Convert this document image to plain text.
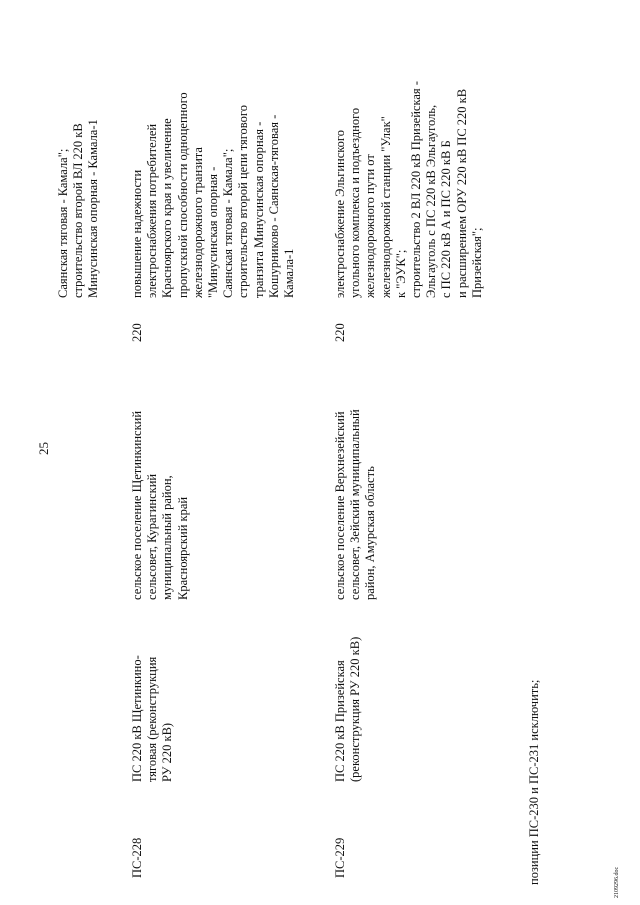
25
Саянская тяговая - Камала"; строительство второй ВЛ 220 кВ Минусинская опорная - Камала-1
ПС-228
ПС 220 кВ Щетинкино- тяговая (реконструкция РУ 220 кВ)
сельское поселение Щетинкинский сельсовет, Курагинский муниципальный район, Красноярский край
220
повышение надежности электроснабжения потребителей Красноярского края и увеличение пропускной способности одноцепного железнодорожного транзита "Минусинская опорная - Саянская тяговая - Камала"; строительство второй цепи тягового транзита Минусинская опорная - Кошурниково - Саянская-тяговая - Камала-1
ПС-229
ПС 220 кВ Призейская (реконструкция РУ 220 кВ)
сельское поселение Верхнезейский сельсовет, Зейский муниципальный район, Амурская область
220
электроснабжение Эльгинского угольного комплекса и подъездного железнодорожного пути от железнодорожной станции "Улак" к "ЭУК"; строительство 2 ВЛ 220 кВ Призейская - Эльгауголь с ПС 220 кВ Эльгауголь, с ПС 220 кВ А и ПС 220 кВ Б и расширением ОРУ 220 кВ ПС 220 кВ Призейская";
позиции ПС-230 и ПС-231 исключить;	2109296.doc
